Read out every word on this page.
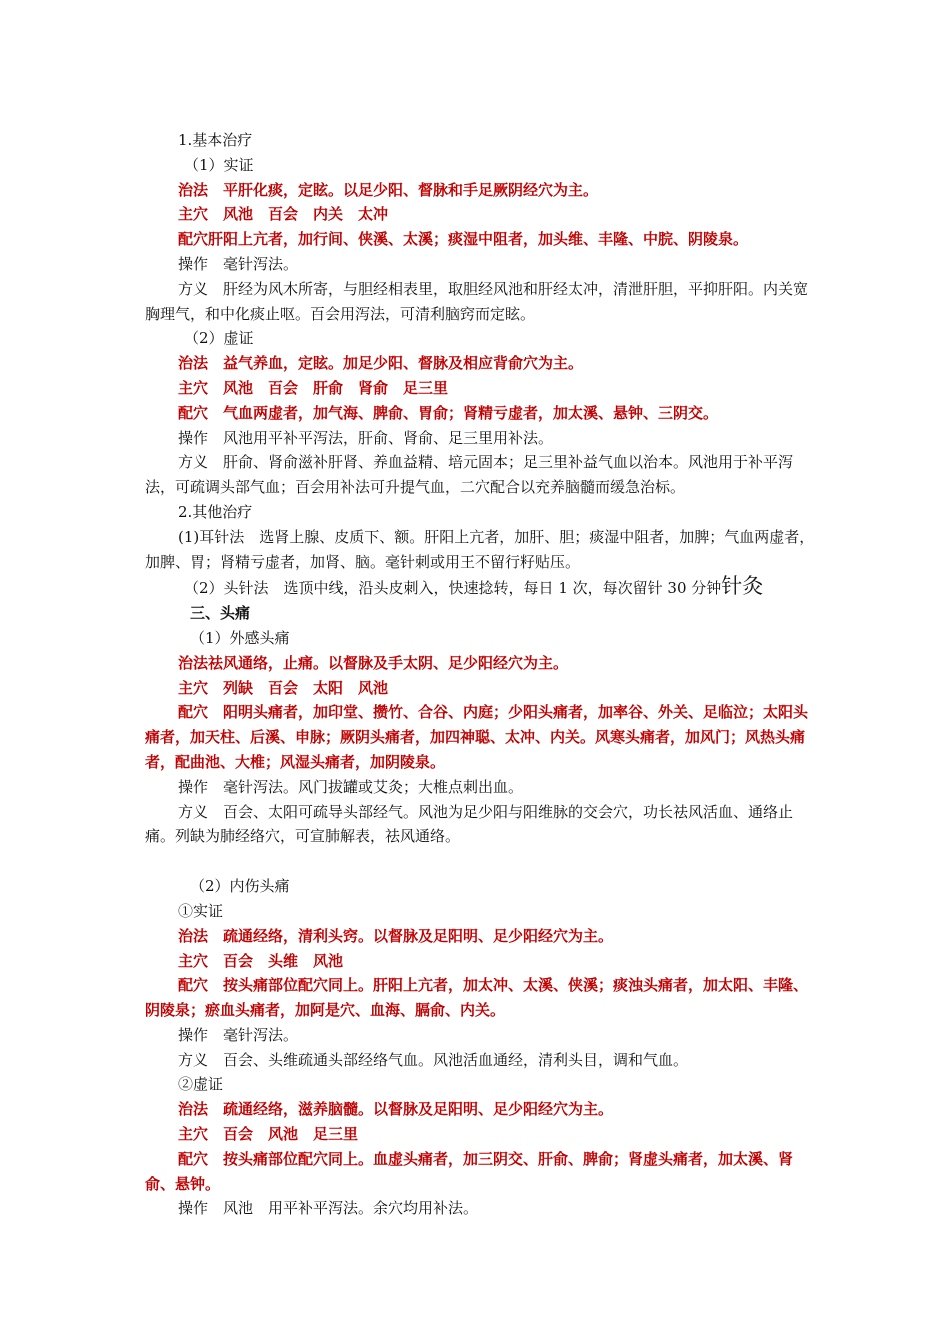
1.基本治疗

（1）实证

治法　平肝化痰，定眩。以足少阳、督脉和手足厥阴经穴为主。

主穴　风池　百会　内关　太冲

配穴肝阳上亢者，加行间、侠溪、太溪；痰湿中阻者，加头维、丰隆、中脘、阴陵泉。

操作　毫针泻法。

方义　肝经为风木所寄，与胆经相表里，取胆经风池和肝经太冲，清泄肝胆，平抑肝阳。内关宽胸理气，和中化痰止呕。百会用泻法，可清利脑窍而定眩。

（2）虚证

治法　益气养血，定眩。加足少阳、督脉及相应背俞穴为主。

主穴　风池　百会　肝俞　肾俞　足三里

配穴　气血两虚者，加气海、脾俞、胃俞；肾精亏虚者，加太溪、悬钟、三阴交。

操作　风池用平补平泻法，肝俞、肾俞、足三里用补法。

方义　肝俞、肾俞滋补肝肾、养血益精、培元固本；足三里补益气血以治本。风池用于补平泻法，可疏调头部气血；百会用补法可升提气血，二穴配合以充养脑髓而缓急治标。

2.其他治疗

(1)耳针法　选肾上腺、皮质下、额。肝阳上亢者，加肝、胆；痰湿中阻者，加脾；气血两虚者，加脾、胃；肾精亏虚者，加肾、脑。毫针刺或用王不留行籽贴压。

（2）头针法　选顶中线，沿头皮刺入，快速捻转，每日 1 次，每次留针 30 分钟针灸

三、头痛

（1）外感头痛

治法祛风通络，止痛。以督脉及手太阴、足少阳经穴为主。

主穴　列缺　百会　太阳　风池

配穴　阳明头痛者，加印堂、攒竹、合谷、内庭；少阳头痛者，加率谷、外关、足临泣；太阳头痛者，加天柱、后溪、申脉；厥阴头痛者，加四神聪、太冲、内关。风寒头痛者，加风门；风热头痛者，配曲池、大椎；风湿头痛者，加阴陵泉。

操作　毫针泻法。风门拔罐或艾灸；大椎点刺出血。

方义　百会、太阳可疏导头部经气。风池为足少阳与阳维脉的交会穴，功长祛风活血、通络止痛。列缺为肺经络穴，可宣肺解表，祛风通络。

（2）内伤头痛

①实证

治法　疏通经络，清利头窍。以督脉及足阳明、足少阳经穴为主。

主穴　百会　头维　风池

配穴　按头痛部位配穴同上。肝阳上亢者，加太冲、太溪、侠溪；痰浊头痛者，加太阳、丰隆、阴陵泉；瘀血头痛者，加阿是穴、血海、膈俞、内关。

操作　毫针泻法。

方义　百会、头维疏通头部经络气血。风池活血通经，清利头目，调和气血。

②虚证

治法　疏通经络，滋养脑髓。以督脉及足阳明、足少阳经穴为主。

主穴　百会　风池　足三里

配穴　按头痛部位配穴同上。血虚头痛者，加三阴交、肝俞、脾俞；肾虚头痛者，加太溪、肾俞、悬钟。

操作　风池　用平补平泻法。余穴均用补法。
